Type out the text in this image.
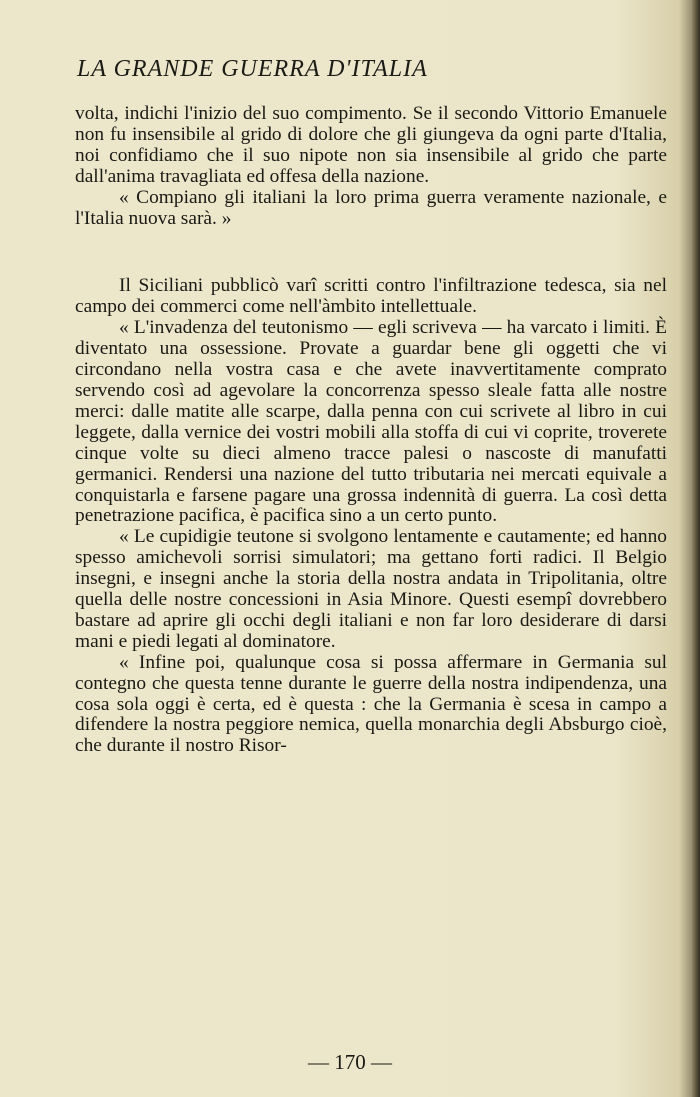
LA GRANDE GUERRA D'ITALIA

volta, indichi l'inizio del suo compimento. Se il secondo Vittorio Emanuele non fu insensibile al grido di dolore che gli giungeva da ogni parte d'Italia, noi confidiamo che il suo nipote non sia insensibile al grido che parte dall'anima travagliata ed offesa della nazione.

« Compiano gli italiani la loro prima guerra veramente nazionale, e l'Italia nuova sarà. »

Il Siciliani pubblicò varî scritti contro l'infiltrazione tedesca, sia nel campo dei commerci come nell'àmbito intellettuale.

« L'invadenza del teutonismo — egli scriveva — ha varcato i limiti. È diventato una ossessione. Provate a guardar bene gli oggetti che vi circondano nella vostra casa e che avete inavvertitamente comprato servendo così ad agevolare la concorrenza spesso sleale fatta alle nostre merci: dalle matite alle scarpe, dalla penna con cui scrivete al libro in cui leggete, dalla vernice dei vostri mobili alla stoffa di cui vi coprite, troverete cinque volte su dieci almeno tracce palesi o nascoste di manufatti germanici. Rendersi una nazione del tutto tributaria nei mercati equivale a conquistarla e farsene pagare una grossa indennità di guerra. La così detta penetrazione pacifica, è pacifica sino a un certo punto.

« Le cupidigie teutone si svolgono lentamente e cautamente; ed hanno spesso amichevoli sorrisi simulatori; ma gettano forti radici. Il Belgio insegni, e insegni anche la storia della nostra andata in Tripolitania, oltre quella delle nostre concessioni in Asia Minore. Questi esempî dovrebbero bastare ad aprire gli occhi degli italiani e non far loro desiderare di darsi mani e piedi legati al dominatore.

« Infine poi, qualunque cosa si possa affermare in Germania sul contegno che questa tenne durante le guerre della nostra indipendenza, una cosa sola oggi è certa, ed è questa : che la Germania è scesa in campo a difendere la nostra peggiore nemica, quella monarchia degli Absburgo cioè, che durante il nostro Risor-

— 170 —
